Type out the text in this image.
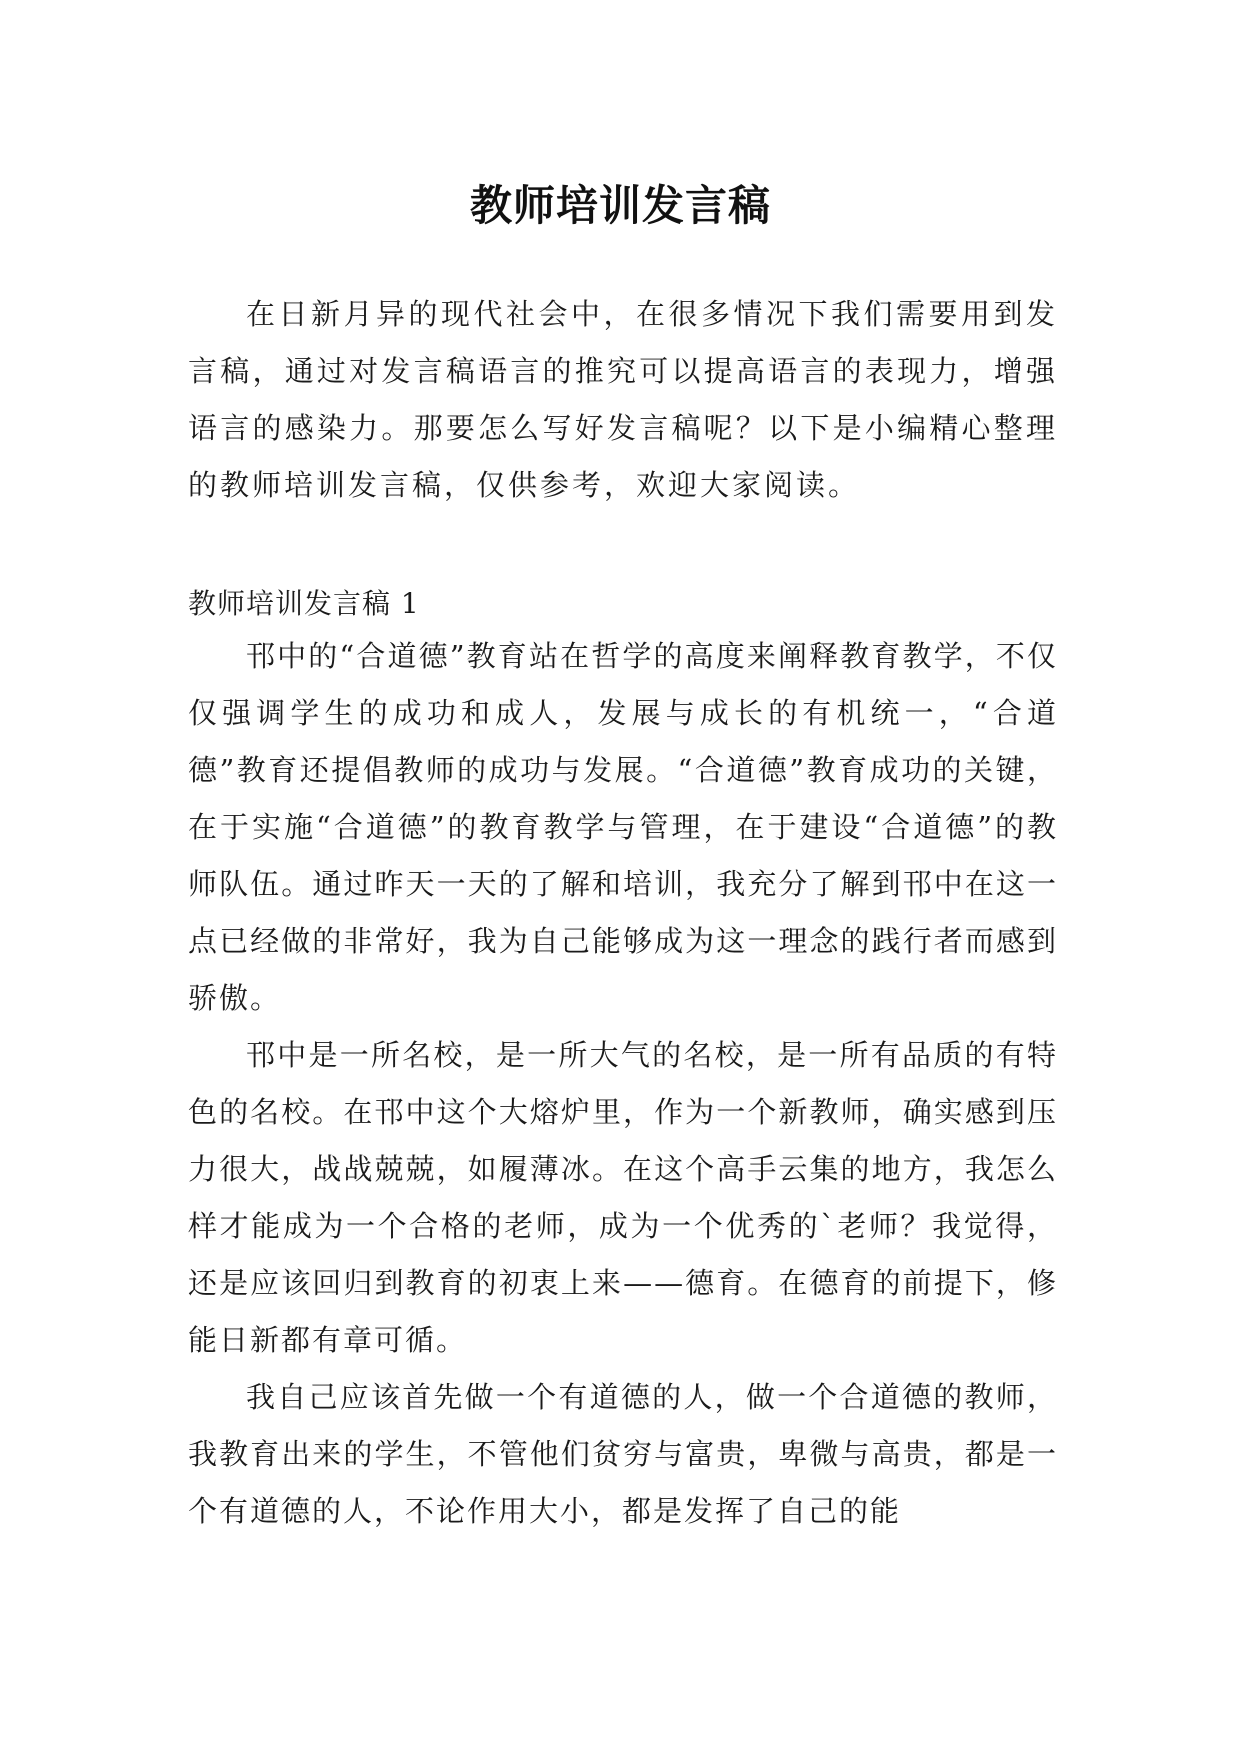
教师培训发言稿

在日新月异的现代社会中，在很多情况下我们需要用到发言稿，通过对发言稿语言的推究可以提高语言的表现力，增强语言的感染力。那要怎么写好发言稿呢？以下是小编精心整理的教师培训发言稿，仅供参考，欢迎大家阅读。

教师培训发言稿 1

邗中的“合道德”教育站在哲学的高度来阐释教育教学，不仅仅强调学生的成功和成人，发展与成长的有机统一，“合道德”教育还提倡教师的成功与发展。“合道德”教育成功的关键，在于实施“合道德”的教育教学与管理，在于建设“合道德”的教师队伍。通过昨天一天的了解和培训，我充分了解到邗中在这一点已经做的非常好，我为自己能够成为这一理念的践行者而感到骄傲。

邗中是一所名校，是一所大气的名校，是一所有品质的有特色的名校。在邗中这个大熔炉里，作为一个新教师，确实感到压力很大，战战兢兢，如履薄冰。在这个高手云集的地方，我怎么样才能成为一个合格的老师，成为一个优秀的`老师？我觉得，还是应该回归到教育的初衷上来——德育。在德育的前提下，修能日新都有章可循。

我自己应该首先做一个有道德的人，做一个合道德的教师，我教育出来的学生，不管他们贫穷与富贵，卑微与高贵，都是一个有道德的人，不论作用大小，都是发挥了自己的能
